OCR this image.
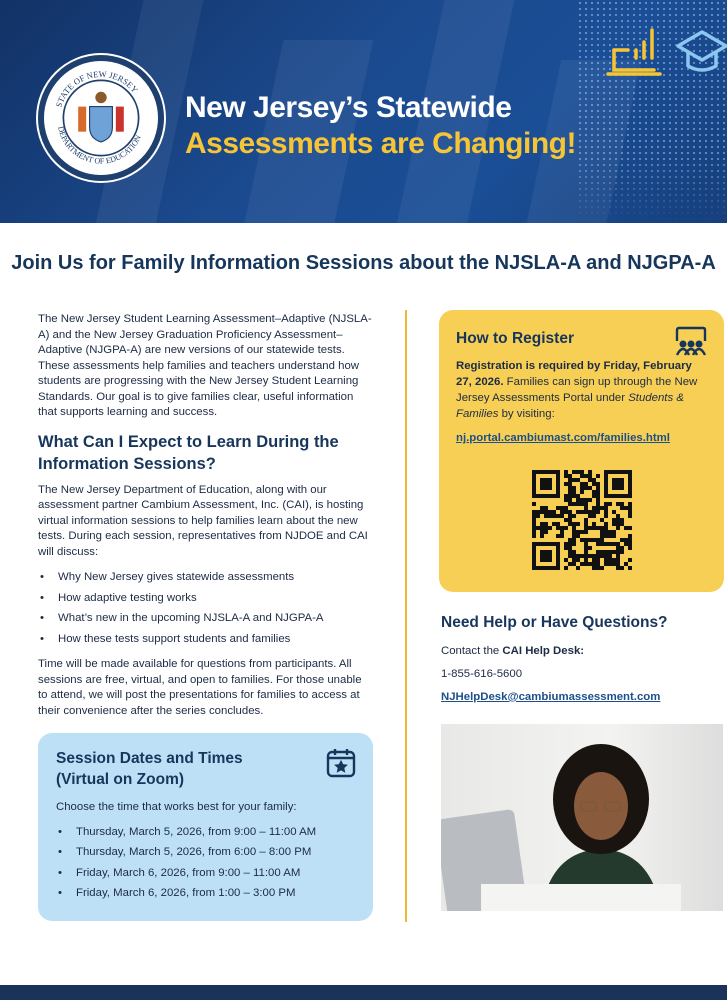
STATE OF NEW JERSEY
DEPARTMENT OF EDUCATION
New Jersey’s Statewide
Assessments are Changing!
Join Us for Family Information Sessions about the NJSLA-A and NJGPA-A

The New Jersey Student Learning Assessment–Adaptive (NJSLA-A) and the New Jersey Graduation Proficiency Assessment–Adaptive (NJGPA-A) are new versions of our statewide tests. These assessments help families and teachers understand how students are progressing with the New Jersey Student Learning Standards. Our goal is to give families clear, useful information that supports learning and success.

What Can I Expect to Learn During the Information Sessions?

The New Jersey Department of Education, along with our assessment partner Cambium Assessment, Inc. (CAI), is hosting virtual information sessions to help families learn about the new tests. During each session, representatives from NJDOE and CAI will discuss:

• Why New Jersey gives statewide assessments
• How adaptive testing works
• What’s new in the upcoming NJSLA-A and NJGPA-A
• How these tests support students and families

Time will be made available for questions from participants. All sessions are free, virtual, and open to families. For those unable to attend, we will post the presentations for families to access at their convenience after the series concludes.

Session Dates and Times
(Virtual on Zoom)

Choose the time that works best for your family:

• Thursday, March 5, 2026, from 9:00 – 11:00 AM
• Thursday, March 5, 2026, from 6:00 – 8:00 PM
• Friday, March 6, 2026, from 9:00 – 11:00 AM
• Friday, March 6, 2026, from 1:00 – 3:00 PM
How to Register

Registration is required by Friday, February 27, 2026. Families can sign up through the New Jersey Assessments Portal under Students & Families by visiting:

nj.portal.cambiumast.com/families.html

Need Help or Have Questions?
Contact the CAI Help Desk:
1-855-616-5600
NJHelpDesk@cambiumassessment.com
